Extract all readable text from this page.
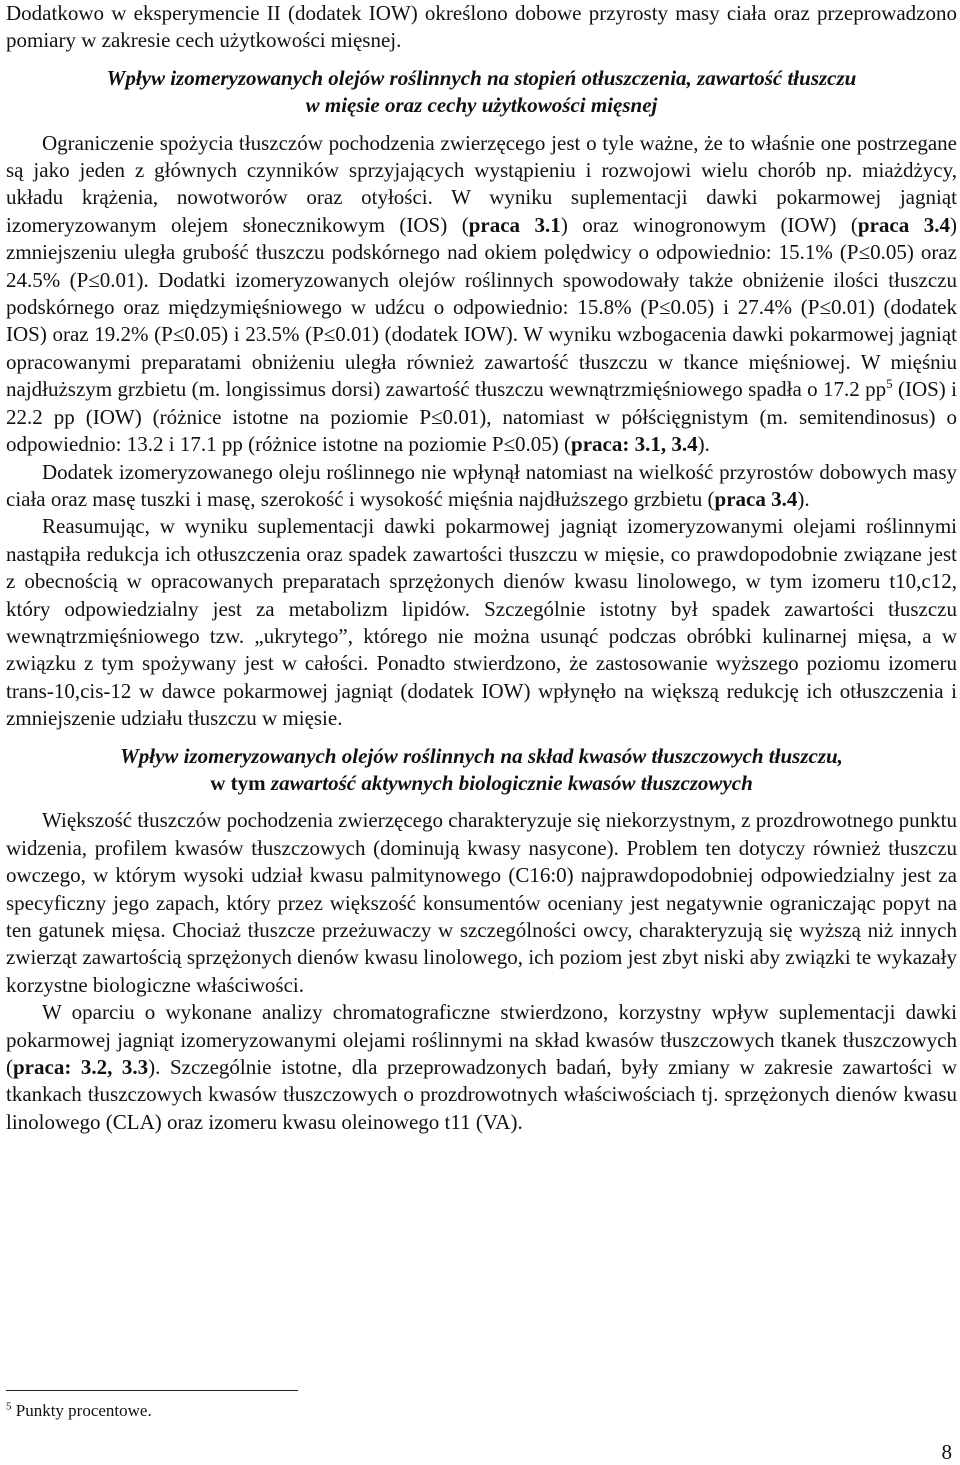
Dodatkowo w eksperymencie II (dodatek IOW) określono dobowe przyrosty masy ciała oraz przeprowadzono pomiary w zakresie cech użytkowości mięsnej.

Wpływ izomeryzowanych olejów roślinnych na stopień otłuszczenia, zawartość tłuszczu
w mięsie oraz cechy użytkowości mięsnej

Ograniczenie spożycia tłuszczów pochodzenia zwierzęcego jest o tyle ważne, że to właśnie one postrzegane są jako jeden z głównych czynników sprzyjających wystąpieniu i rozwojowi wielu chorób np. miażdżycy, układu krążenia, nowotworów oraz otyłości. W wyniku suplementacji dawki pokarmowej jagniąt izomeryzowanym olejem słonecznikowym (IOS) (praca 3.1) oraz winogronowym (IOW) (praca 3.4) zmniejszeniu uległa grubość tłuszczu podskórnego nad okiem polędwicy o odpowiednio: 15.1% (P≤0.05) oraz 24.5% (P≤0.01). Dodatki izomeryzowanych olejów roślinnych spowodowały także obniżenie ilości tłuszczu podskórnego oraz międzymięśniowego w udźcu o odpowiednio: 15.8% (P≤0.05) i 27.4% (P≤0.01) (dodatek IOS) oraz 19.2% (P≤0.05) i 23.5% (P≤0.01) (dodatek IOW). W wyniku wzbogacenia dawki pokarmowej jagniąt opracowanymi preparatami obniżeniu uległa również zawartość tłuszczu w tkance mięśniowej. W mięśniu najdłuższym grzbietu (m. longissimus dorsi) zawartość tłuszczu wewnątrzmięśniowego spadła o 17.2 $pp^5$ (IOS) i 22.2 pp (IOW) (różnice istotne na poziomie P≤0.01), natomiast w półścięgnistym (m. semitendinosus) o odpowiednio: 13.2 i 17.1 pp (różnice istotne na poziomie P≤0.05) (praca: 3.1, 3.4).

Dodatek izomeryzowanego oleju roślinnego nie wpłynął natomiast na wielkość przyrostów dobowych masy ciała oraz masę tuszki i masę, szerokość i wysokość mięśnia najdłuższego grzbietu (praca 3.4).

Reasumując, w wyniku suplementacji dawki pokarmowej jagniąt izomeryzowanymi olejami roślinnymi nastąpiła redukcja ich otłuszczenia oraz spadek zawartości tłuszczu w mięsie, co prawdopodobnie związane jest z obecnością w opracowanych preparatach sprzężonych dienów kwasu linolowego, w tym izomeru t10,c12, który odpowiedzialny jest za metabolizm lipidów. Szczególnie istotny był spadek zawartości tłuszczu wewnątrzmięśniowego tzw. „ukrytego”, którego nie można usunąć podczas obróbki kulinarnej mięsa, a w związku z tym spożywany jest w całości. Ponadto stwierdzono, że zastosowanie wyższego poziomu izomeru trans-10,cis-12 w dawce pokarmowej jagniąt (dodatek IOW) wpłynęło na większą redukcję ich otłuszczenia i zmniejszenie udziału tłuszczu w mięsie.

Wpływ izomeryzowanych olejów roślinnych na skład kwasów tłuszczowych tłuszczu,
w tym zawartość aktywnych biologicznie kwasów tłuszczowych

Większość tłuszczów pochodzenia zwierzęcego charakteryzuje się niekorzystnym, z prozdrowotnego punktu widzenia, profilem kwasów tłuszczowych (dominują kwasy nasycone). Problem ten dotyczy również tłuszczu owczego, w którym wysoki udział kwasu palmitynowego (C16:0) najprawdopodobniej odpowiedzialny jest za specyficzny jego zapach, który przez większość konsumentów oceniany jest negatywnie ograniczając popyt na ten gatunek mięsa. Chociaż tłuszcze przeżuwaczy w szczególności owcy, charakteryzują się wyższą niż innych zwierząt zawartością sprzężonych dienów kwasu linolowego, ich poziom jest zbyt niski aby związki te wykazały korzystne biologiczne właściwości.

W oparciu o wykonane analizy chromatograficzne stwierdzono, korzystny wpływ suplementacji dawki pokarmowej jagniąt izomeryzowanymi olejami roślinnymi na skład kwasów tłuszczowych tkanek tłuszczowych (praca: 3.2, 3.3). Szczególnie istotne, dla przeprowadzonych badań, były zmiany w zakresie zawartości w tkankach tłuszczowych kwasów tłuszczowych o prozdrowotnych właściwościach tj. sprzężonych dienów kwasu linolowego (CLA) oraz izomeru kwasu oleinowego t11 (VA).

$^5$ Punkty procentowe.
8
